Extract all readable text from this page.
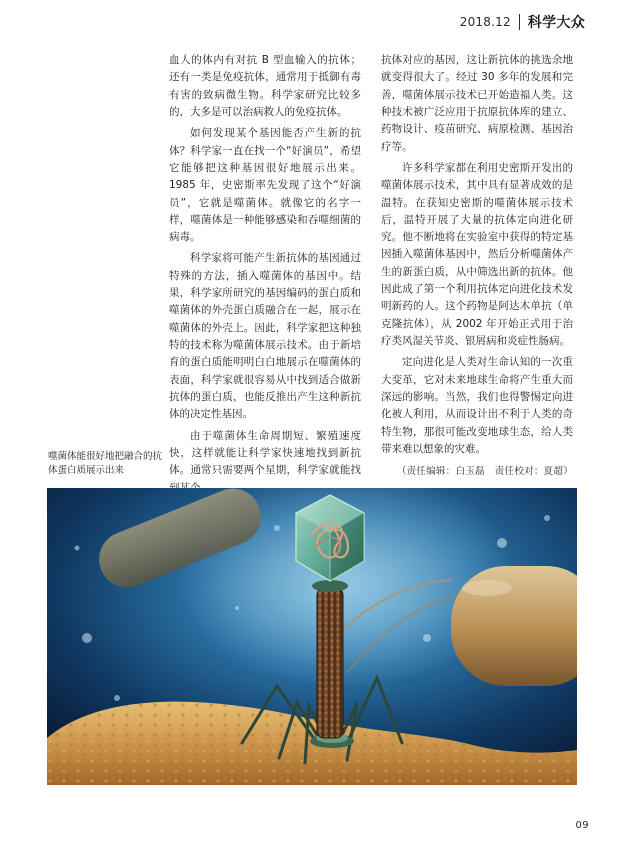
2018.12 科学大众

血人的体内有对抗 B 型血输入的抗体；还有一类是免疫抗体，通常用于抵御有毒有害的致病微生物。科学家研究比较多的，大多是可以治病救人的免疫抗体。

如何发现某个基因能否产生新的抗体？科学家一直在找一个“好演员”，希望它能够把这种基因很好地展示出来。1985 年，史密斯率先发现了这个“好演员”，它就是噬菌体。就像它的名字一样，噬菌体是一种能够感染和吞噬细菌的病毒。

科学家将可能产生新抗体的基因通过特殊的方法，插入噬菌体的基因中。结果，科学家所研究的基因编码的蛋白质和噬菌体的外壳蛋白质融合在一起，展示在噬菌体的外壳上。因此，科学家把这种独特的技术称为噬菌体展示技术。由于新培育的蛋白质能明明白白地展示在噬菌体的表面，科学家就很容易从中找到适合做新抗体的蛋白质，也能反推出产生这种新抗体的决定性基因。

由于噬菌体生命周期短、繁殖速度快，这样就能让科学家快速地找到新抗体。通常只需要两个星期，科学家就能找

抗体对应的基因，这让新抗体的挑选余地就变得很大了。经过 30 多年的发展和完善，噬菌体展示技术已开始造福人类。这种技术被广泛应用于抗原抗体库的建立、药物设计、疫苗研究、病原检测、基因治疗等。

许多科学家都在利用史密斯开发出的噬菌体展示技术，其中具有显著成效的是温特。在获知史密斯的噬菌体展示技术后，温特开展了大量的抗体定向进化研究。他不断地将在实验室中获得的特定基因插入噬菌体基因中，然后分析噬菌体产生的新蛋白质，从中筛选出新的抗体。他因此成了第一个利用抗体定向进化技术发明新药的人。这个药物是阿达木单抗（单克隆抗体），从 2002 年开始正式用于治疗类风湿关节炎、银屑病和炎症性肠病。

定向进化是人类对生命认知的一次重大变革，它对未来地球生命将产生重大而深远的影响。当然，我们也得警惕定向进化被人利用，从而设计出不利于人类的奇特生物，那很可能改变地球生态，给人类带来难以想象的灾难。

（责任编辑：白玉磊　责任校对：夏超）
噬菌体能很好地把融合的抗体蛋白质展示出来
09
